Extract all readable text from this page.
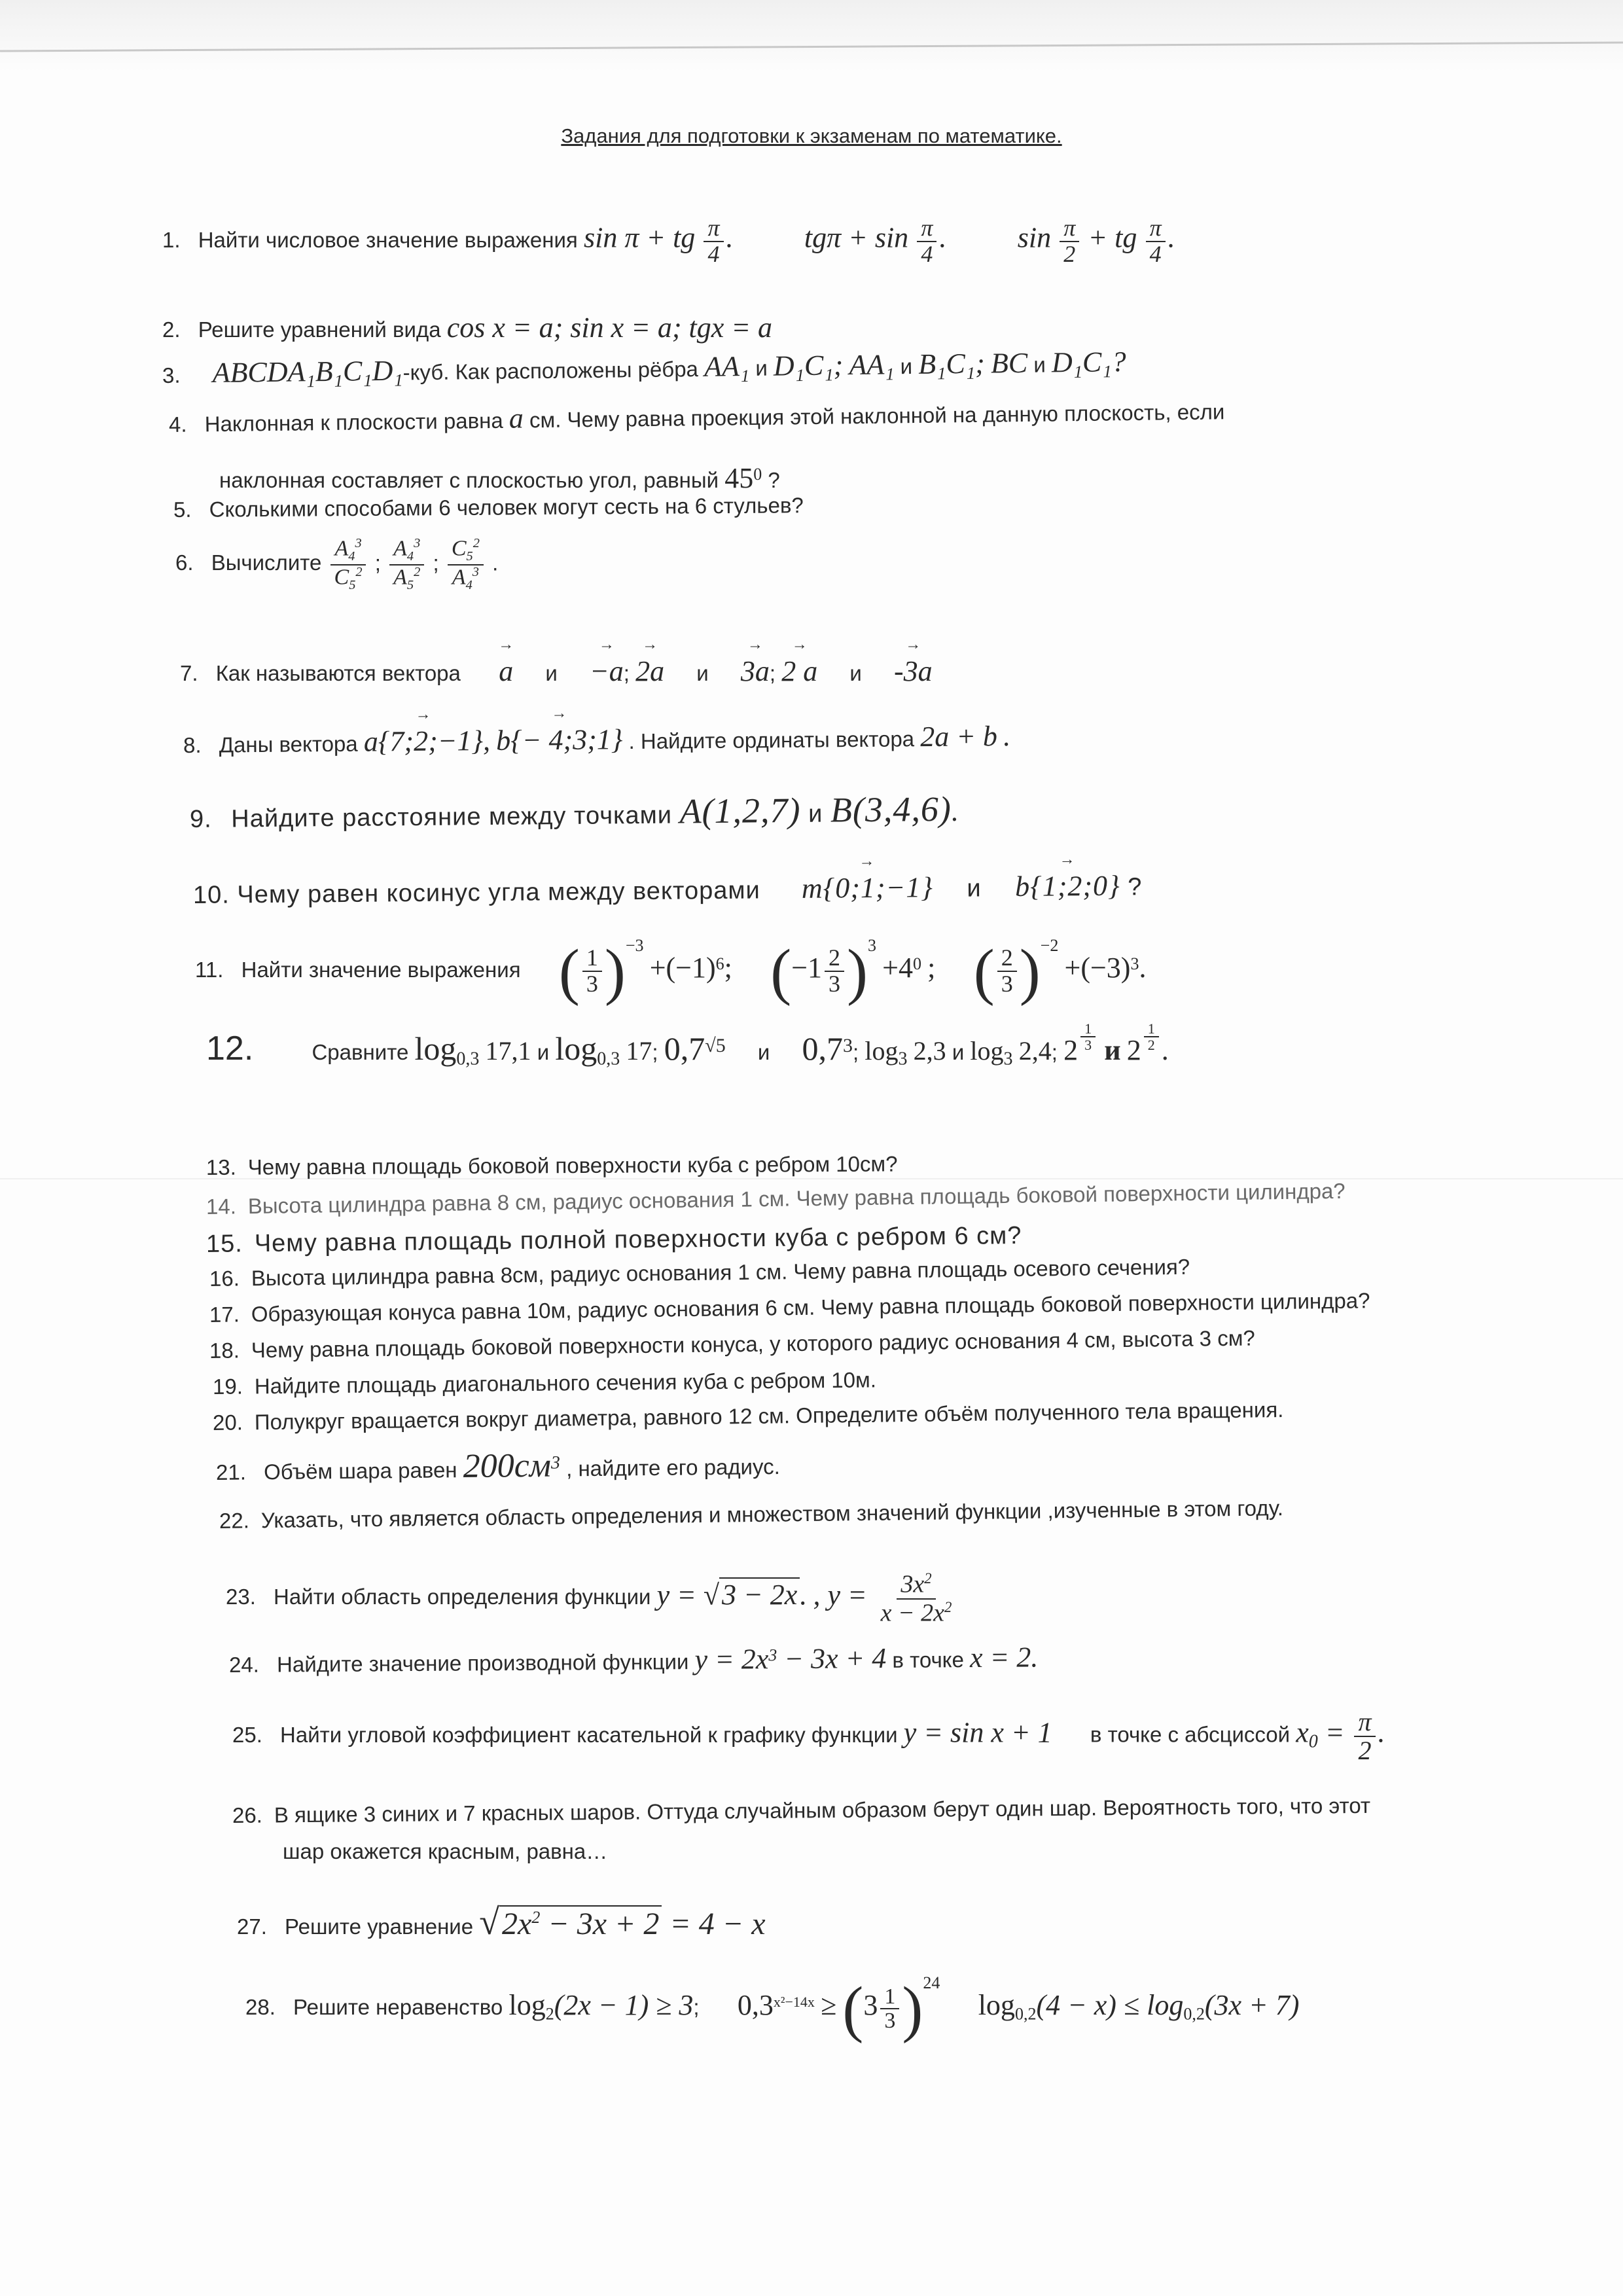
Задания для подготовки к экзаменам по математике.
1. Найти числовое значение выражения sin π + tg $\frac{\pi}{4}$ . $tg\pi + \sin \frac{\pi}{4}$ . $\sin \frac{\pi}{2}$ + tg $\frac{\pi}{4}$ .
2. Решите уравнений вида cos x = a; sin x = a; tgx = a
3. ABCDA₁B₁C₁D₁-куб. Как расположены рёбра AA₁ и D₁C₁; AA₁ и B₁C₁; BC и D₁C₁?
4. Наклонная к плоскости равна a см. Чему равна проекция этой наклонной на данную плоскость, если
наклонная составляет с плоскостью угол, равный $45^0$ ?
5. Сколькими способами 6 человек могут сесть на 6 стульев?
6. Вычислите $\frac{A_4^3}{C_5^2}$ ; $\frac{A_4^3}{A_5^2}$ ; $\frac{C_5^2}{A_4^3}$ .
7. Как называются вектора → a и → −a; → 2a и → 3a; → 2 a и → -3a
8. Даны вектора → a{7;2;−1}, → b{− 4;3;1} . Найдите ординаты вектора 2a + b .
9. Найдите расстояние между точками A(1,2,7) и B(3,4,6).
10. Чему равен косинус угла между векторами → m{0;1;−1} и → b{1;2;0} ?
11. Найти значение выражения ( $\frac{1}{3} )^{-3} +(-1)^6$; $(-1 \frac{2}{3} )^3 +4^0$ ; ( $\frac{2}{3} )^{-2} +(-3)^3$.
12.	Сравните $\log_{0,3} 17,1$ и $\log_{0,3} 17$; $0,7^{√5}$ и $0,7^3$; $\log_3 2,3$ и $\log_3 2,4$; 2 $^{\frac{1}{3}}$ и 2 $^{\frac{1}{2}}$ .
13. Чему равна площадь боковой поверхности куба с ребром 10см?
14. Высота цилиндра равна 8 см, радиус основания 1 см. Чему равна площадь боковой поверхности цилиндра?
15. Чему равна площадь полной поверхности куба с ребром 6 см?
16. Высота цилиндра равна 8см, радиус основания 1 см. Чему равна площадь осевого сечения?
17. Образующая конуса равна 10м, радиус основания 6 см. Чему равна площадь боковой поверхности цилиндра?
18. Чему равна площадь боковой поверхности конуса, у которого радиус основания 4 см, высота 3 см?
19. Найдите площадь диагонального сечения куба с ребром 10м.
20. Полукруг вращается вокруг диаметра, равного 12 см. Определите объём полученного тела вращения.
21. Объём шара равен $200см^3$ , найдите его радиус.
22. Указать, что является область определения и множеством значений функции ,изученные в этом году.
23. Найти область определения функции y = √3 − 2x. , $y = \frac{3x^2}{x - 2x^2}$
24. Найдите значение производной функции $y = 2x^3 - 3x + 4$ в точке x = 2.
25. Найти угловой коэффициент касательной к графику функции y = sin x + 1 в точке с абсциссой $x_0 = \frac{\pi}{2}$ .
26. В ящике 3 синих и 7 красных шаров. Оттуда случайным образом берут один шар. Вероятность того, что этот
шар окажется красным, равна…
27. Решите уравнение $√2x^2 - 3x + 2 = 4 - x$
28. Решите неравенство $\log_2(2x - 1) \ge 3$; $0,3^{x^2-14x} \ge (3 \frac{1}{3} )^{24}$  $\log_{0,2}(4 - x) \le \log_{0,2}(3x + 7)$
